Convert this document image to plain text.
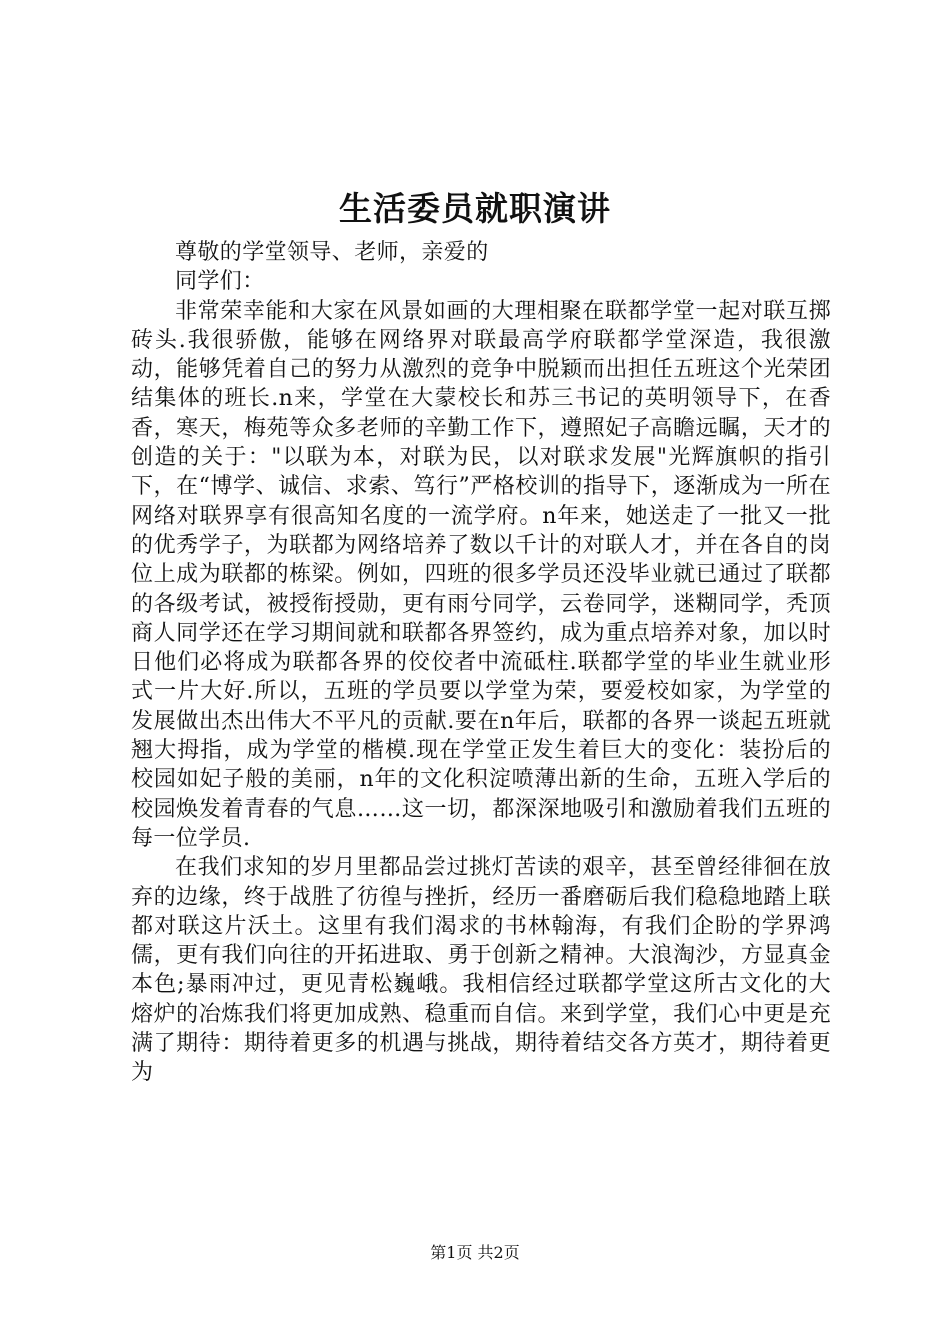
生活委员就职演讲

尊敬的学堂领导、老师，亲爱的

同学们：

非常荣幸能和大家在风景如画的大理相聚在联都学堂一起对联互掷砖头.我很骄傲，能够在网络界对联最高学府联都学堂深造，我很激动，能够凭着自己的努力从激烈的竞争中脱颖而出担任五班这个光荣团结集体的班长.n来，学堂在大蒙校长和苏三书记的英明领导下，在香香，寒天，梅苑等众多老师的辛勤工作下，遵照妃子高瞻远瞩，天才的创造的关于："以联为本，对联为民，以对联求发展"光辉旗帜的指引下，在“博学、诚信、求索、笃行”严格校训的指导下，逐渐成为一所在网络对联界享有很高知名度的一流学府。n年来，她送走了一批又一批的优秀学子，为联都为网络培养了数以千计的对联人才，并在各自的岗位上成为联都的栋梁。例如，四班的很多学员还没毕业就已通过了联都的各级考试，被授衔授勋，更有雨兮同学，云卷同学，迷糊同学，秃顶商人同学还在学习期间就和联都各界签约，成为重点培养对象，加以时日他们必将成为联都各界的佼佼者中流砥柱.联都学堂的毕业生就业形式一片大好.所以，五班的学员要以学堂为荣，要爱校如家，为学堂的发展做出杰出伟大不平凡的贡献.要在n年后，联都的各界一谈起五班就翘大拇指，成为学堂的楷模.现在学堂正发生着巨大的变化：装扮后的校园如妃子般的美丽，n年的文化积淀喷薄出新的生命，五班入学后的校园焕发着青春的气息……这一切，都深深地吸引和激励着我们五班的每一位学员.

在我们求知的岁月里都品尝过挑灯苦读的艰辛，甚至曾经徘徊在放弃的边缘，终于战胜了彷徨与挫折，经历一番磨砺后我们稳稳地踏上联都对联这片沃土。这里有我们渴求的书林翰海，有我们企盼的学界鸿儒，更有我们向往的开拓进取、勇于创新之精神。大浪淘沙，方显真金本色;暴雨冲过，更见青松巍峨。我相信经过联都学堂这所古文化的大熔炉的冶炼我们将更加成熟、稳重而自信。来到学堂，我们心中更是充满了期待：期待着更多的机遇与挑战，期待着结交各方英才，期待着更为

第1页 共2页
